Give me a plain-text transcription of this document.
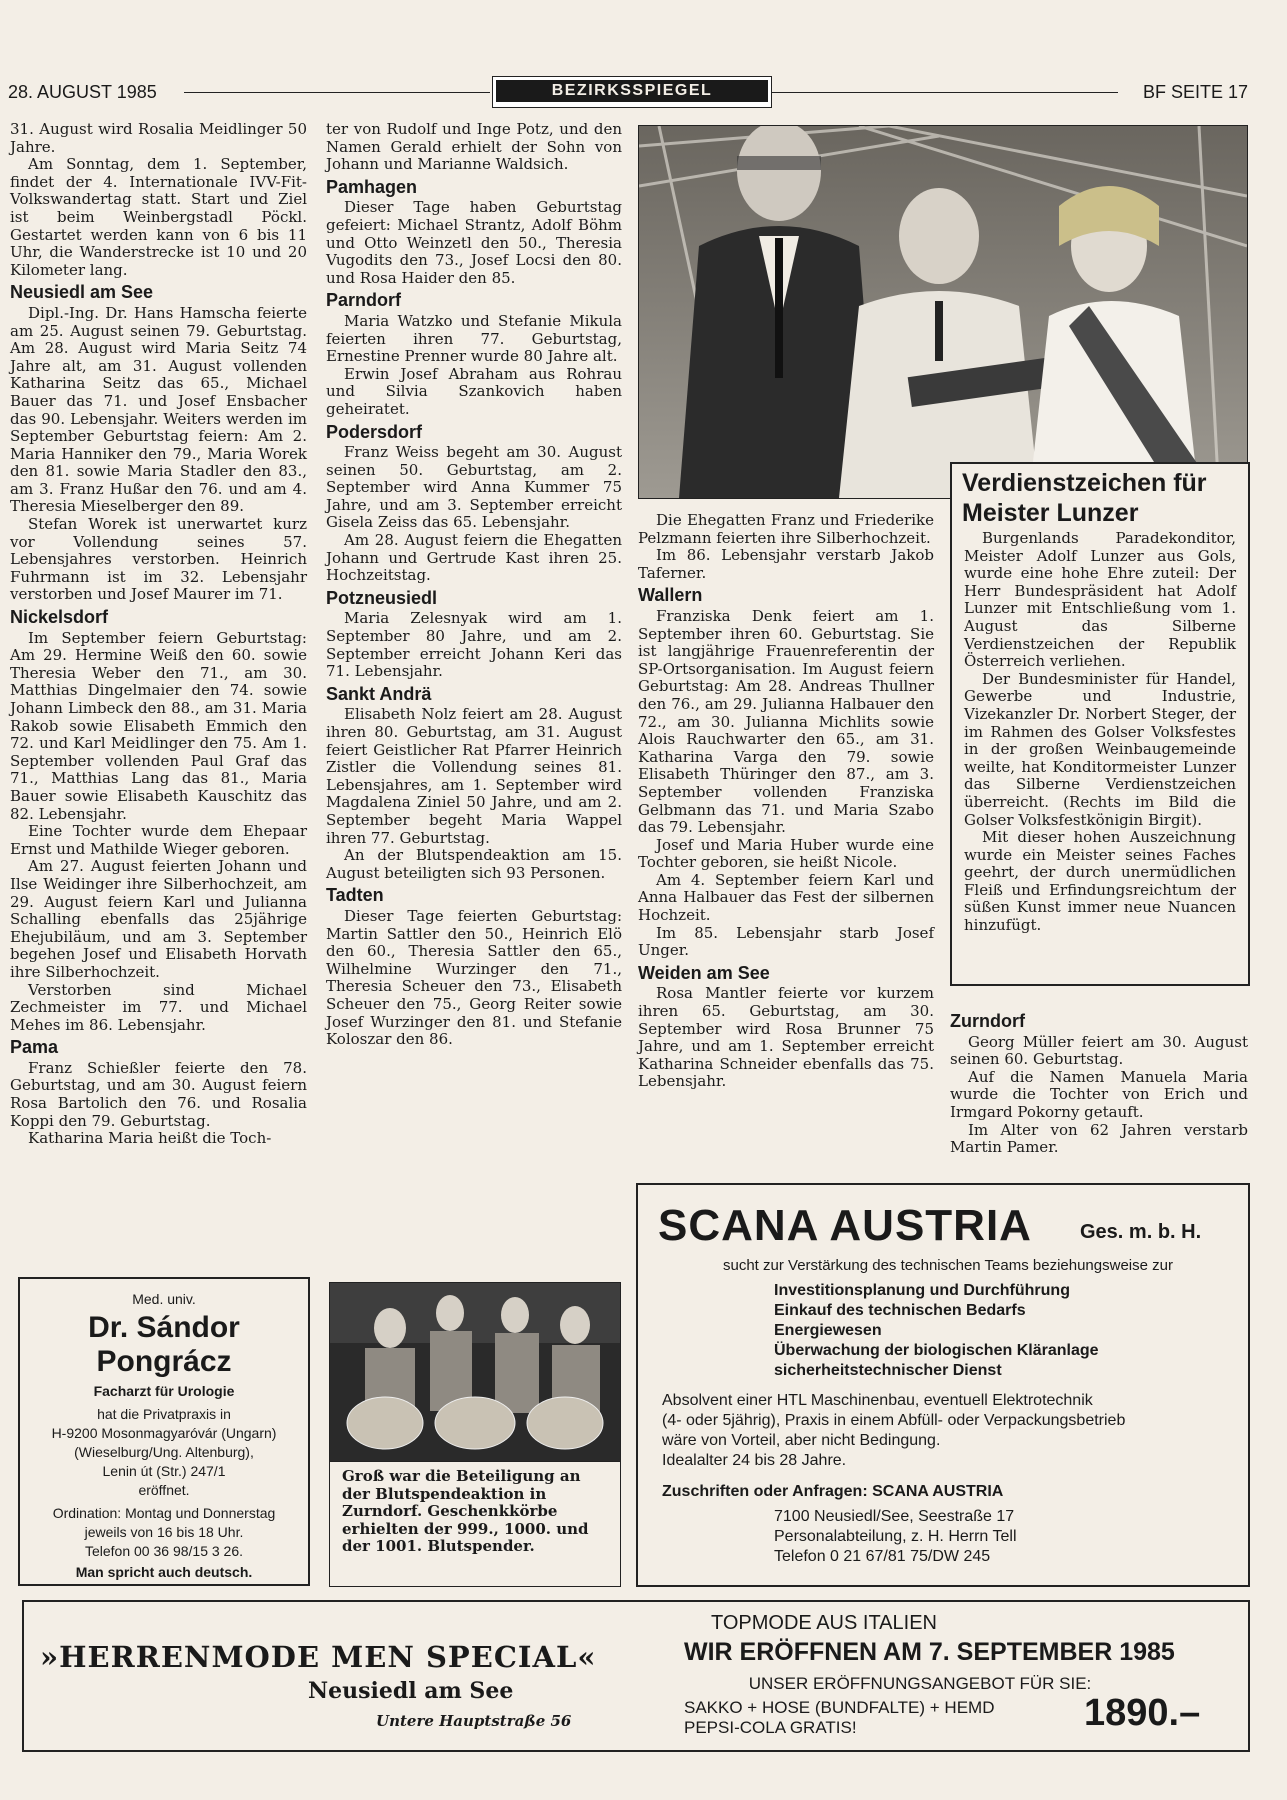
28. AUGUST 1985	BEZIRKSSPIEGEL	BF SEITE 17

31. August wird Rosalia Meidlinger 50 Jahre.

Am Sonntag, dem 1. September, findet der 4. Internationale IVV-Fit-Volkswandertag statt. Start und Ziel ist beim Weinbergstadl Pöckl. Gestartet werden kann von 6 bis 11 Uhr, die Wanderstrecke ist 10 und 20 Kilometer lang.

Neusiedl am See

Dipl.-Ing. Dr. Hans Hamscha feierte am 25. August seinen 79. Geburtstag. Am 28. August wird Maria Seitz 74 Jahre alt, am 31. August vollenden Katharina Seitz das 65., Michael Bauer das 71. und Josef Ensbacher das 90. Lebensjahr. Weiters werden im September Geburtstag feiern: Am 2. Maria Hanniker den 79., Maria Worek den 81. sowie Maria Stadler den 83., am 3. Franz Hußar den 76. und am 4. Theresia Mieselberger den 89.

Stefan Worek ist unerwartet kurz vor Vollendung seines 57. Lebensjahres verstorben. Heinrich Fuhrmann ist im 32. Lebensjahr verstorben und Josef Maurer im 71.

Nickelsdorf

Im September feiern Geburtstag: Am 29. Hermine Weiß den 60. sowie Theresia Weber den 71., am 30. Matthias Dingelmaier den 74. sowie Johann Limbeck den 88., am 31. Maria Rakob sowie Elisabeth Emmich den 72. und Karl Meidlinger den 75. Am 1. September vollenden Paul Graf das 71., Matthias Lang das 81., Maria Bauer sowie Elisabeth Kauschitz das 82. Lebensjahr.

Eine Tochter wurde dem Ehepaar Ernst und Mathilde Wieger geboren.

Am 27. August feierten Johann und Ilse Weidinger ihre Silberhochzeit, am 29. August feiern Karl und Julianna Schalling ebenfalls das 25jährige Ehejubiläum, und am 3. September begehen Josef und Elisabeth Horvath ihre Silberhochzeit.

Verstorben sind Michael Zechmeister im 77. und Michael Mehes im 86. Lebensjahr.

Pama

Franz Schießler feierte den 78. Geburtstag, und am 30. August feiern Rosa Bartolich den 76. und Rosalia Koppi den 79. Geburtstag.

Katharina Maria heißt die Toch-

ter von Rudolf und Inge Potz, und den Namen Gerald erhielt der Sohn von Johann und Marianne Waldsich.

Pamhagen

Dieser Tage haben Geburtstag gefeiert: Michael Strantz, Adolf Böhm und Otto Weinzetl den 50., Theresia Vugodits den 73., Josef Locsi den 80. und Rosa Haider den 85.

Parndorf

Maria Watzko und Stefanie Mikula feierten ihren 77. Geburtstag, Ernestine Prenner wurde 80 Jahre alt.

Erwin Josef Abraham aus Rohrau und Silvia Szankovich haben geheiratet.

Podersdorf

Franz Weiss begeht am 30. August seinen 50. Geburtstag, am 2. September wird Anna Kummer 75 Jahre, und am 3. September erreicht Gisela Zeiss das 65. Lebensjahr.

Am 28. August feiern die Ehegatten Johann und Gertrude Kast ihren 25. Hochzeitstag.

Potzneusiedl

Maria Zelesnyak wird am 1. September 80 Jahre, und am 2. September erreicht Johann Keri das 71. Lebensjahr.

Sankt Andrä

Elisabeth Nolz feiert am 28. August ihren 80. Geburtstag, am 31. August feiert Geistlicher Rat Pfarrer Heinrich Zistler die Vollendung seines 81. Lebensjahres, am 1. September wird Magdalena Ziniel 50 Jahre, und am 2. September begeht Maria Wappel ihren 77. Geburtstag.

An der Blutspendeaktion am 15. August beteiligten sich 93 Personen.

Tadten

Dieser Tage feierten Geburtstag: Martin Sattler den 50., Heinrich Elö den 60., Theresia Sattler den 65., Wilhelmine Wurzinger den 71., Theresia Scheuer den 73., Elisabeth Scheuer den 75., Georg Reiter sowie Josef Wurzinger den 81. und Stefanie Koloszar den 86.

Die Ehegatten Franz und Friederike Pelzmann feierten ihre Silberhochzeit.

Im 86. Lebensjahr verstarb Jakob Taferner.

Wallern

Franziska Denk feiert am 1. September ihren 60. Geburtstag. Sie ist langjährige Frauenreferentin der SP-Ortsorganisation. Im August feiern Geburtstag: Am 28. Andreas Thullner den 76., am 29. Julianna Halbauer den 72., am 30. Julianna Michlits sowie Alois Rauchwarter den 65., am 31. Katharina Varga den 79. sowie Elisabeth Thüringer den 87., am 3. September vollenden Franziska Gelbmann das 71. und Maria Szabo das 79. Lebensjahr.

Josef und Maria Huber wurde eine Tochter geboren, sie heißt Nicole.

Am 4. September feiern Karl und Anna Halbauer das Fest der silbernen Hochzeit.

Im 85. Lebensjahr starb Josef Unger.

Weiden am See

Rosa Mantler feierte vor kurzem ihren 65. Geburtstag, am 30. September wird Rosa Brunner 75 Jahre, und am 1. September erreicht Katharina Schneider ebenfalls das 75. Lebensjahr.

Verdienstzeichen für Meister Lunzer

Burgenlands Paradekonditor, Meister Adolf Lunzer aus Gols, wurde eine hohe Ehre zuteil: Der Herr Bundespräsident hat Adolf Lunzer mit Entschließung vom 1. August das Silberne Verdienstzeichen der Republik Österreich verliehen.

Der Bundesminister für Handel, Gewerbe und Industrie, Vizekanzler Dr. Norbert Steger, der im Rahmen des Golser Volksfestes in der großen Weinbaugemeinde weilte, hat Konditormeister Lunzer das Silberne Verdienstzeichen überreicht. (Rechts im Bild die Golser Volksfestkönigin Birgit).

Mit dieser hohen Auszeichnung wurde ein Meister seines Faches geehrt, der durch unermüdlichen Fleiß und Erfindungsreichtum der süßen Kunst immer neue Nuancen hinzufügt.

Zurndorf

Georg Müller feiert am 30. August seinen 60. Geburtstag.

Auf die Namen Manuela Maria wurde die Tochter von Erich und Irmgard Pokorny getauft.

Im Alter von 62 Jahren verstarb Martin Pamer.

Med. univ.
Dr. Sándor
Pongrácz
Facharzt für Urologie
hat die Privatpraxis in
H-9200 Mosonmagyaróvár (Ungarn)
(Wieselburg/Ung. Altenburg),
Lenin út (Str.) 247/1
eröffnet.
Ordination: Montag und Donnerstag
jeweils von 16 bis 18 Uhr.
Telefon 00 36 98/15 3 26.
Man spricht auch deutsch.
Groß war die Beteiligung an der Blutspendeaktion in Zurndorf. Geschenkkörbe erhielten der 999., 1000. und der 1001. Blutspender.
SCANA AUSTRIA Ges. m. b. H.
sucht zur Verstärkung des technischen Teams beziehungsweise zur
Investitionsplanung und Durchführung
Einkauf des technischen Bedarfs
Energiewesen
Überwachung der biologischen Kläranlage
sicherheitstechnischer Dienst
Absolvent einer HTL Maschinenbau, eventuell Elektrotechnik
(4- oder 5jährig), Praxis in einem Abfüll- oder Verpackungsbetrieb
wäre von Vorteil, aber nicht Bedingung.
Idealalter 24 bis 28 Jahre.
Zuschriften oder Anfragen: SCANA AUSTRIA
7100 Neusiedl/See, Seestraße 17
Personalabteilung, z. H. Herrn Tell
Telefon 0 21 67/81 75/DW 245
»HERRENMODE MEN SPECIAL«
Neusiedl am See
Untere Hauptstraße 56
TOPMODE AUS ITALIEN
WIR ERÖFFNEN AM 7. SEPTEMBER 1985
UNSER ERÖFFNUNGSANGEBOT FÜR SIE:
SAKKO + HOSE (BUNDFALTE) + HEMD
PEPSI-COLA GRATIS!	1890.–
